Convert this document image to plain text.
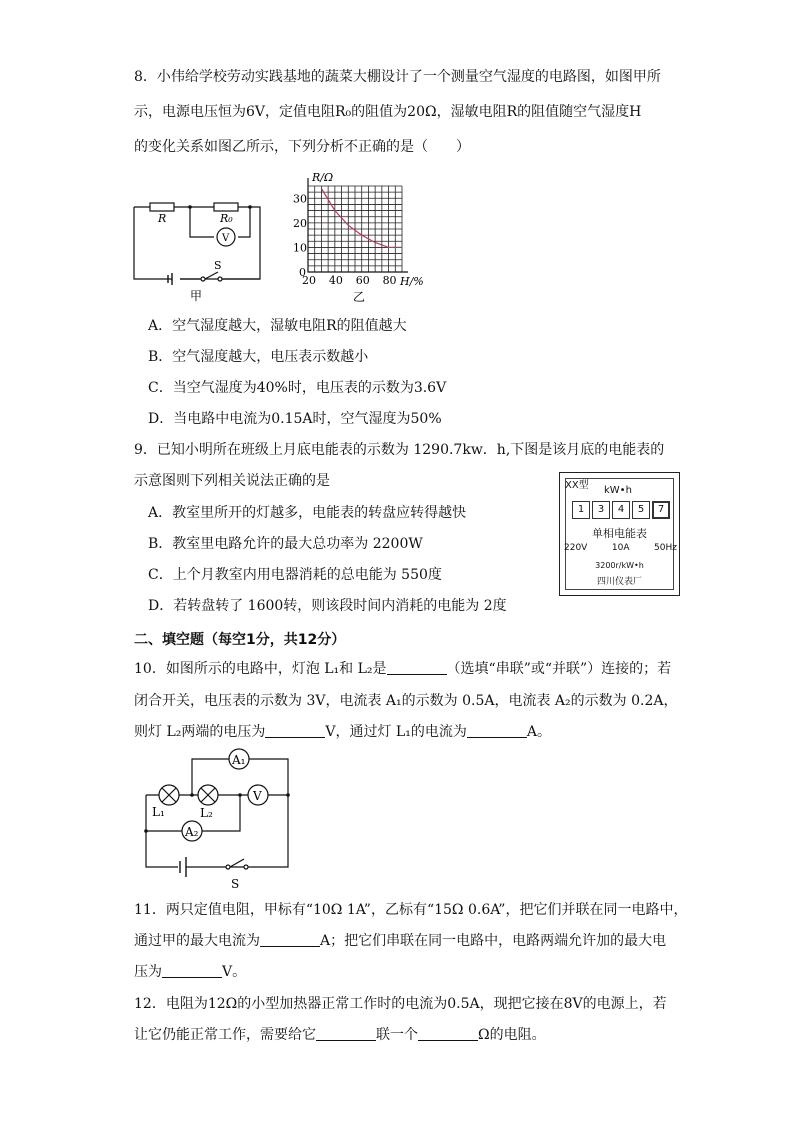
8．小伟给学校劳动实践基地的蔬菜大棚设计了一个测量空气湿度的电路图，如图甲所
示，电源电压恒为6V，定值电阻R₀的阻值为20Ω，湿敏电阻R的阻值随空气湿度H
的变化关系如图乙所示，下列分析不正确的是（　　）
R	R₀
V
S
甲
20 40 60 80
0
10
20
30
R/Ω
H/%
乙
A．空气湿度越大，湿敏电阻R的阻值越大
B．空气湿度越大，电压表示数越小
C．当空气湿度为40%时，电压表的示数为3.6V
D．当电路中电流为0.15A时，空气湿度为50%
9．已知小明所在班级上月底电能表的示数为 1290.7kw．h,下图是该月底的电能表的
示意图则下列相关说法正确的是
A．教室里所开的灯越多，电能表的转盘应转得越快
B．教室里电路允许的最大总功率为 2200W
C．上个月教室内用电器消耗的总电能为 550度
D．若转盘转了 1600转，则该段时间内消耗的电能为 2度
XX型 kW•h
1	3	4	5	7
单相电能表
220V	10A	50Hz
3200r/kW•h
四川仪表厂
二、填空题（每空1分，共12分）
10．如图所示的电路中，灯泡 L₁和 L₂是	（选填“串联”或“并联”）连接的；若
闭合开关，电压表的示数为 3V，电流表 A₁的示数为 0.5A，电流表 A₂的示数为 0.2A，
则灯 L₂两端的电压为	V，通过灯 L₁的电流为	A。
A₁
A₂
V
L₁	L₂
S
11．两只定值电阻，甲标有“10Ω 1A”，乙标有“15Ω 0.6A”，把它们并联在同一电路中，
通过甲的最大电流为	A；把它们串联在同一电路中，电路两端允许加的最大电
压为	V。
12．电阻为12Ω的小型加热器正常工作时的电流为0.5A，现把它接在8V的电源上，若
让它仍能正常工作，需要给它	联一个	Ω的电阻。
